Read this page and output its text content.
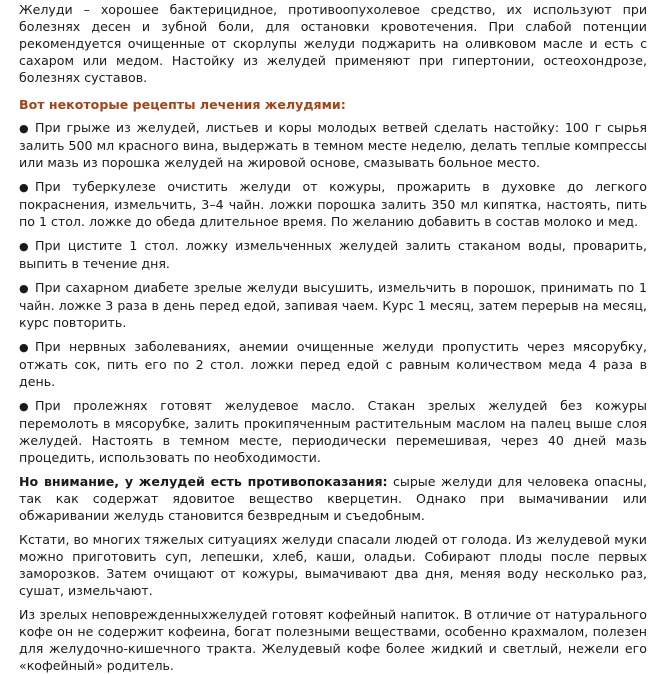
Желуди – хорошее бактерицидное, противоопухолевое средство, их используют при болезнях десен и зубной боли, для остановки кровотечения. При слабой потенции рекомендуется очищенные от скорлупы желуди поджарить на оливковом масле и есть с сахаром или медом. Настойку из желудей применяют при гипертонии, остеохондрозе, болезнях суставов.

Вот некоторые рецепты лечения желудями:
● При грыже из желудей, листьев и коры молодых ветвей сделать настойку: 100 г сырья залить 500 мл красного вина, выдержать в темном месте неделю, делать теплые компрессы или мазь из порошка желудей на жировой основе, смазывать больное место.
● При туберкулезе очистить желуди от кожуры, прожарить в духовке до легкого покраснения, измельчить, 3–4 чайн. ложки порошка залить 350 мл кипятка, настоять, пить по 1 стол. ложке до обеда длительное время. По желанию добавить в состав молоко и мед.
● При цистите 1 стол. ложку измельченных желудей залить стаканом воды, проварить, выпить в течение дня.
● При сахарном диабете зрелые желуди высушить, измельчить в порошок, принимать по 1 чайн. ложке 3 раза в день перед едой, запивая чаем. Курс 1 месяц, затем перерыв на месяц, курс повторить.
● При нервных заболеваниях, анемии очищенные желуди пропустить через мясорубку, отжать сок, пить его по 2 стол. ложки перед едой с равным количеством меда 4 раза в день.
● При пролежнях готовят желудевое масло. Стакан зрелых желудей без кожуры перемолоть в мясорубке, залить прокипяченным растительным маслом на палец выше слоя желудей. Настоять в темном месте, периодически перемешивая, через 40 дней мазь процедить, использовать по необходимости.

Но внимание, у желудей есть противопоказания: сырые желуди для человека опасны, так как содержат ядовитое вещество кверцетин. Однако при вымачивании или обжаривании желудь становится безвредным и съедобным.

Кстати, во многих тяжелых ситуациях желуди спасали людей от голода. Из желудевой муки можно приготовить суп, лепешки, хлеб, каши, оладьи. Собирают плоды после первых заморозков. Затем очищают от кожуры, вымачивают два дня, меняя воду несколько раз, сушат, измельчают.

Из зрелых неповрежденныхжелудей готовят кофейный напиток. В отличие от натурального кофе он не содержит кофеина, богат полезными веществами, особенно крахмалом, полезен для желудочно-кишечного тракта. Желудевый кофе более жидкий и светлый, нежели его «кофейный» родитель.
